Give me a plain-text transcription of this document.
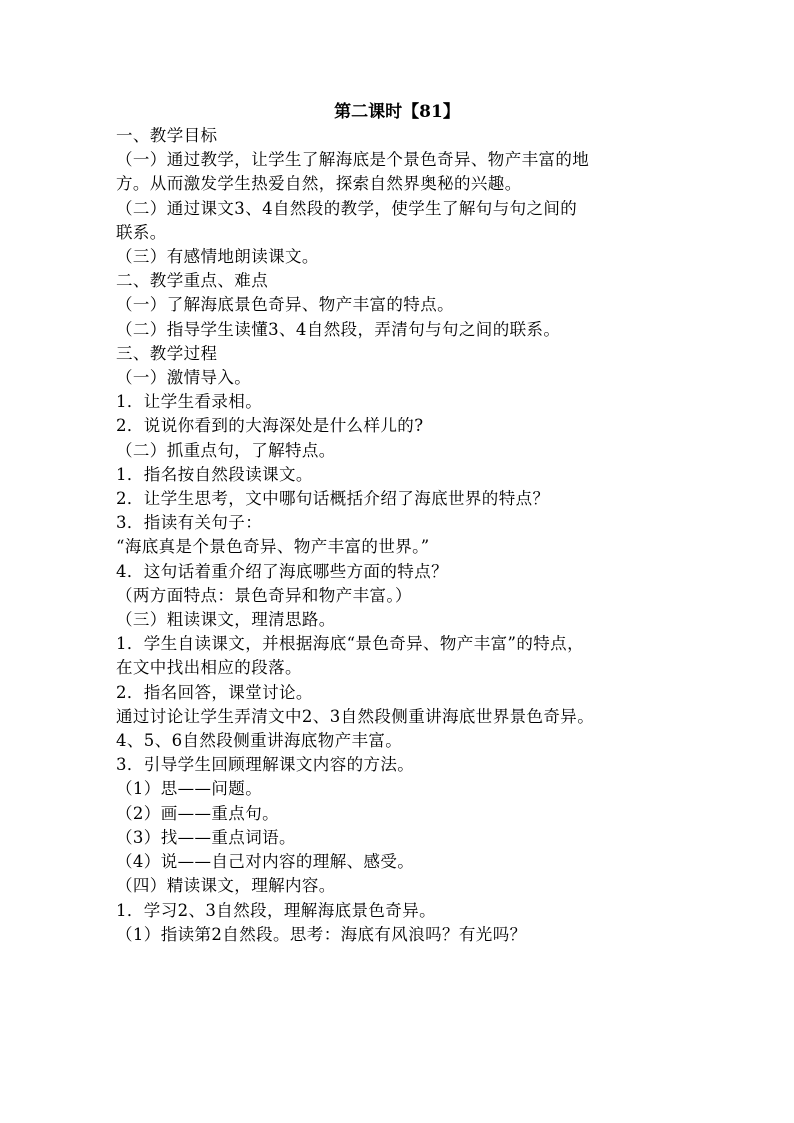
第二课时【81】
一、教学目标
（一）通过教学，让学生了解海底是个景色奇异、物产丰富的地
方。从而激发学生热爱自然，探索自然界奥秘的兴趣。
（二）通过课文3、4自然段的教学，使学生了解句与句之间的
联系。
（三）有感情地朗读课文。
二、教学重点、难点
（一）了解海底景色奇异、物产丰富的特点。
（二）指导学生读懂3、4自然段，弄清句与句之间的联系。
三、教学过程
（一）激情导入。
1．让学生看录相。
2．说说你看到的大海深处是什么样儿的?
（二）抓重点句，了解特点。
1．指名按自然段读课文。
2．让学生思考，文中哪句话概括介绍了海底世界的特点？
3．指读有关句子：
“海底真是个景色奇异、物产丰富的世界。”
4．这句话着重介绍了海底哪些方面的特点？
（两方面特点：景色奇异和物产丰富。）
（三）粗读课文，理清思路。
1．学生自读课文，并根据海底“景色奇异、物产丰富”的特点，
在文中找出相应的段落。
2．指名回答，课堂讨论。
通过讨论让学生弄清文中2、3自然段侧重讲海底世界景色奇异。
4、5、6自然段侧重讲海底物产丰富。
3．引导学生回顾理解课文内容的方法。
（1）思——问题。
（2）画——重点句。
（3）找——重点词语。
（4）说——自己对内容的理解、感受。
（四）精读课文，理解内容。
1．学习2、3自然段，理解海底景色奇异。
（1）指读第2自然段。思考：海底有风浪吗？有光吗？
